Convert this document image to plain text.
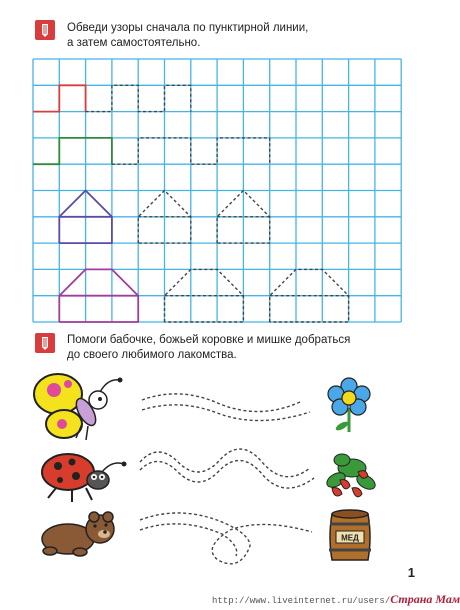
Обведи узоры сначала по пунктирной линии,
а затем самостоятельно.
Помоги бабочке, божьей коровке и мишке добраться
до своего любимого лакомства.
МЕД
1
http://www.liveinternet.ru/users/Страна Мам
